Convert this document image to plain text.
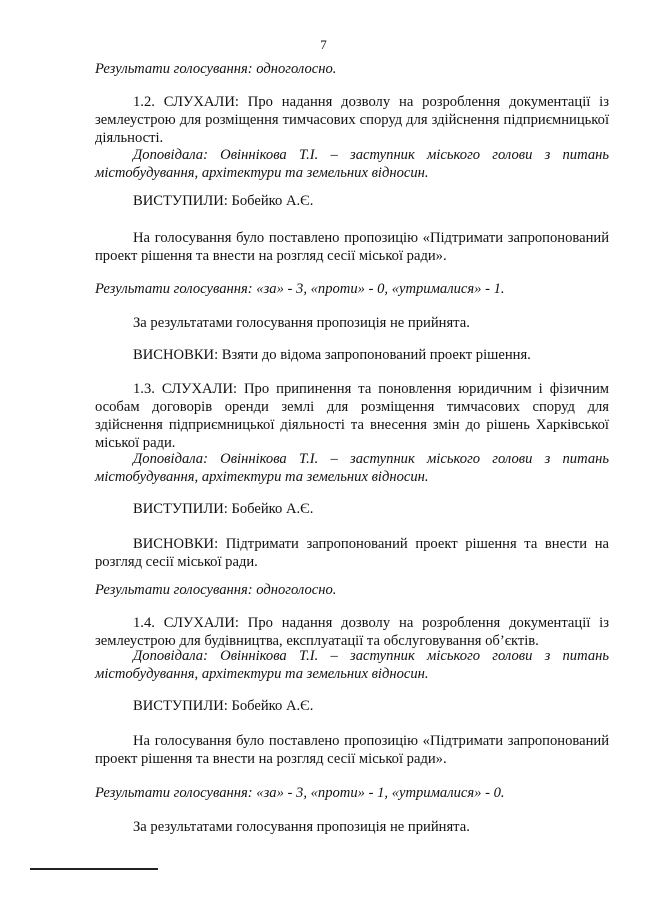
7

Результати голосування: одноголосно.

1.2. СЛУХАЛИ: Про надання дозволу на розроблення документації із землеустрою для розміщення тимчасових споруд для здійснення підприємницької діяльності.

Доповідала: Овіннікова Т.І. – заступник міського голови з питань містобудування, архітектури та земельних відносин.

ВИСТУПИЛИ: Бобейко А.Є.

На голосування було поставлено пропозицію «Підтримати запропонований проект рішення та внести на розгляд сесії міської ради».

Результати голосування: «за» - 3, «проти» - 0, «утрималися» - 1.

За результатами голосування пропозиція не прийнята.

ВИСНОВКИ: Взяти до відома запропонований проект рішення.

1.3. СЛУХАЛИ: Про припинення та поновлення юридичним і фізичним особам договорів оренди землі для розміщення тимчасових споруд для здійснення підприємницької діяльності та внесення змін до рішень Харківської міської ради.

Доповідала: Овіннікова Т.І. – заступник міського голови з питань містобудування, архітектури та земельних відносин.

ВИСТУПИЛИ: Бобейко А.Є.

ВИСНОВКИ: Підтримати запропонований проект рішення та внести на розгляд сесії міської ради.

Результати голосування: одноголосно.

1.4. СЛУХАЛИ: Про надання дозволу на розроблення документації із землеустрою для будівництва, експлуатації та обслуговування об’єктів.

Доповідала: Овіннікова Т.І. – заступник міського голови з питань містобудування, архітектури та земельних відносин.

ВИСТУПИЛИ: Бобейко А.Є.

На голосування було поставлено пропозицію «Підтримати запропонований проект рішення та внести на розгляд сесії міської ради».

Результати голосування: «за» - 3, «проти» - 1, «утрималися» - 0.

За результатами голосування пропозиція не прийнята.
